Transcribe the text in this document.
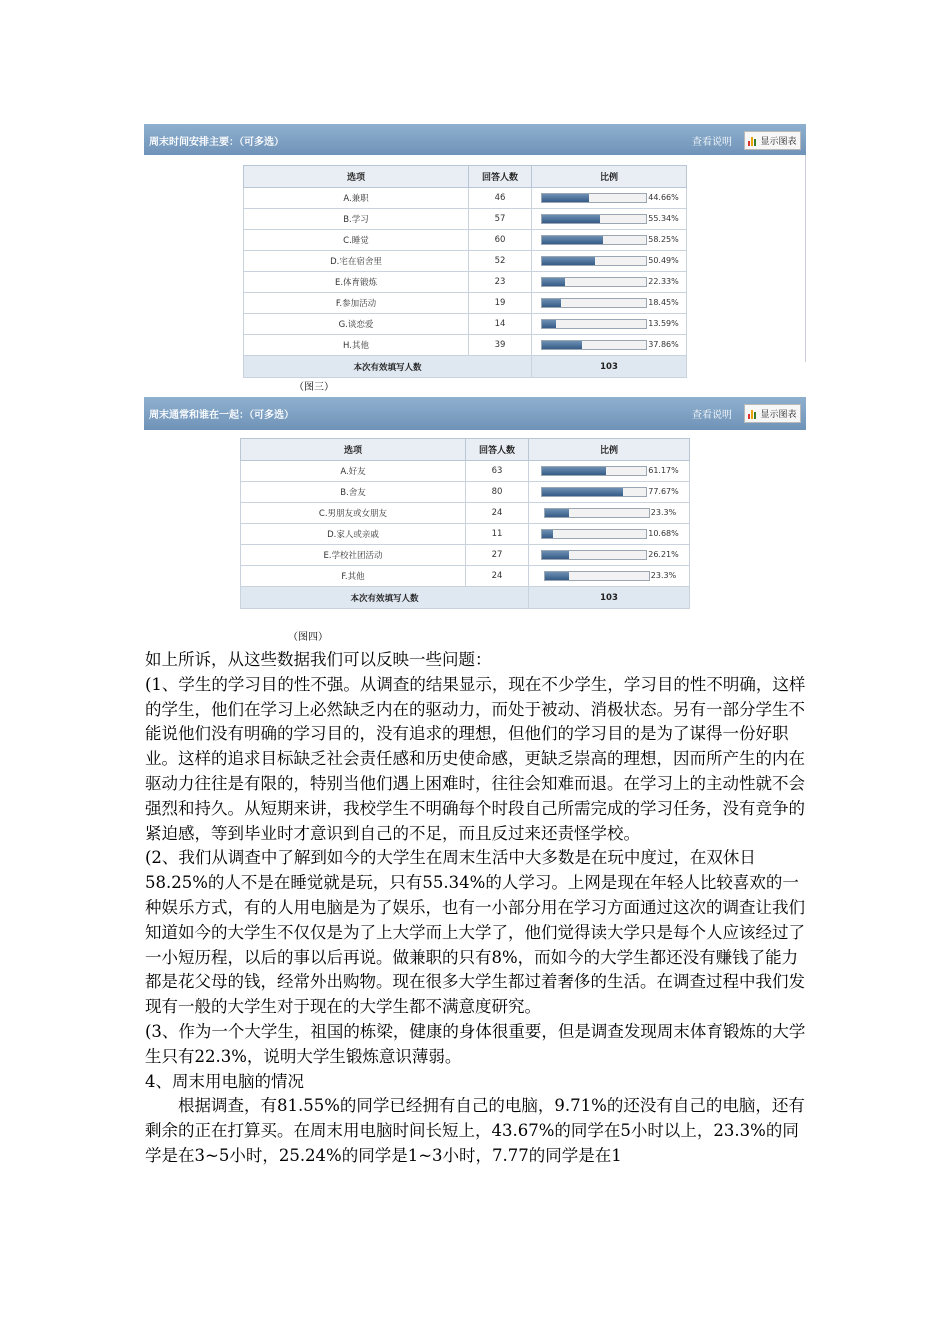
周末时间安排主要：（可多选）	查看说明	显示图表
选项	回答人数	比例
A.兼职	46	44.66%
B.学习	57	55.34%
C.睡觉	60	58.25%
D.宅在宿舍里	52	50.49%
E.体育锻炼	23	22.33%
F.参加活动	19	18.45%
G.谈恋爱	14	13.59%
H.其他	39	37.86%
本次有效填写人数		103
（图三）
周末通常和谁在一起：（可多选）	查看说明	显示图表
选项	回答人数	比例
A.好友	63	61.17%
B.舍友	80	77.67%
C.男朋友或女朋友	24	23.3%
D.家人或亲戚	11	10.68%
E.学校社团活动	27	26.21%
F.其他	24	23.3%
本次有效填写人数		103
（图四）

如上所诉，从这些数据我们可以反映一些问题：

(1、学生的学习目的性不强。从调查的结果显示，现在不少学生，学习目的性不明确，这样的学生，他们在学习上必然缺乏内在的驱动力，而处于被动、消极状态。另有一部分学生不能说他们没有明确的学习目的，没有追求的理想，但他们的学习目的是为了谋得一份好职业。这样的追求目标缺乏社会责任感和历史使命感，更缺乏崇高的理想，因而所产生的内在驱动力往往是有限的，特别当他们遇上困难时，往往会知难而退。在学习上的主动性就不会强烈和持久。从短期来讲，我校学生不明确每个时段自己所需完成的学习任务，没有竞争的紧迫感，等到毕业时才意识到自己的不足，而且反过来还责怪学校。

(2、我们从调查中了解到如今的大学生在周末生活中大多数是在玩中度过，在双休日58.25%的人不是在睡觉就是玩，只有55.34%的人学习。上网是现在年轻人比较喜欢的一种娱乐方式，有的人用电脑是为了娱乐，也有一小部分用在学习方面通过这次的调查让我们知道如今的大学生不仅仅是为了上大学而上大学了，他们觉得读大学只是每个人应该经过了一小短历程，以后的事以后再说。做兼职的只有8%，而如今的大学生都还没有赚钱了能力都是花父母的钱，经常外出购物。现在很多大学生都过着奢侈的生活。在调查过程中我们发现有一般的大学生对于现在的大学生都不满意度研究。

(3、作为一个大学生，祖国的栋梁，健康的身体很重要，但是调查发现周末体育锻炼的大学生只有22.3%，说明大学生锻炼意识薄弱。

4、周末用电脑的情况

根据调查，有81.55%的同学已经拥有自己的电脑，9.71%的还没有自己的电脑，还有剩余的正在打算买。在周末用电脑时间长短上，43.67%的同学在5小时以上，23.3%的同学是在3~5小时，25.24%的同学是1~3小时，7.77的同学是在1
